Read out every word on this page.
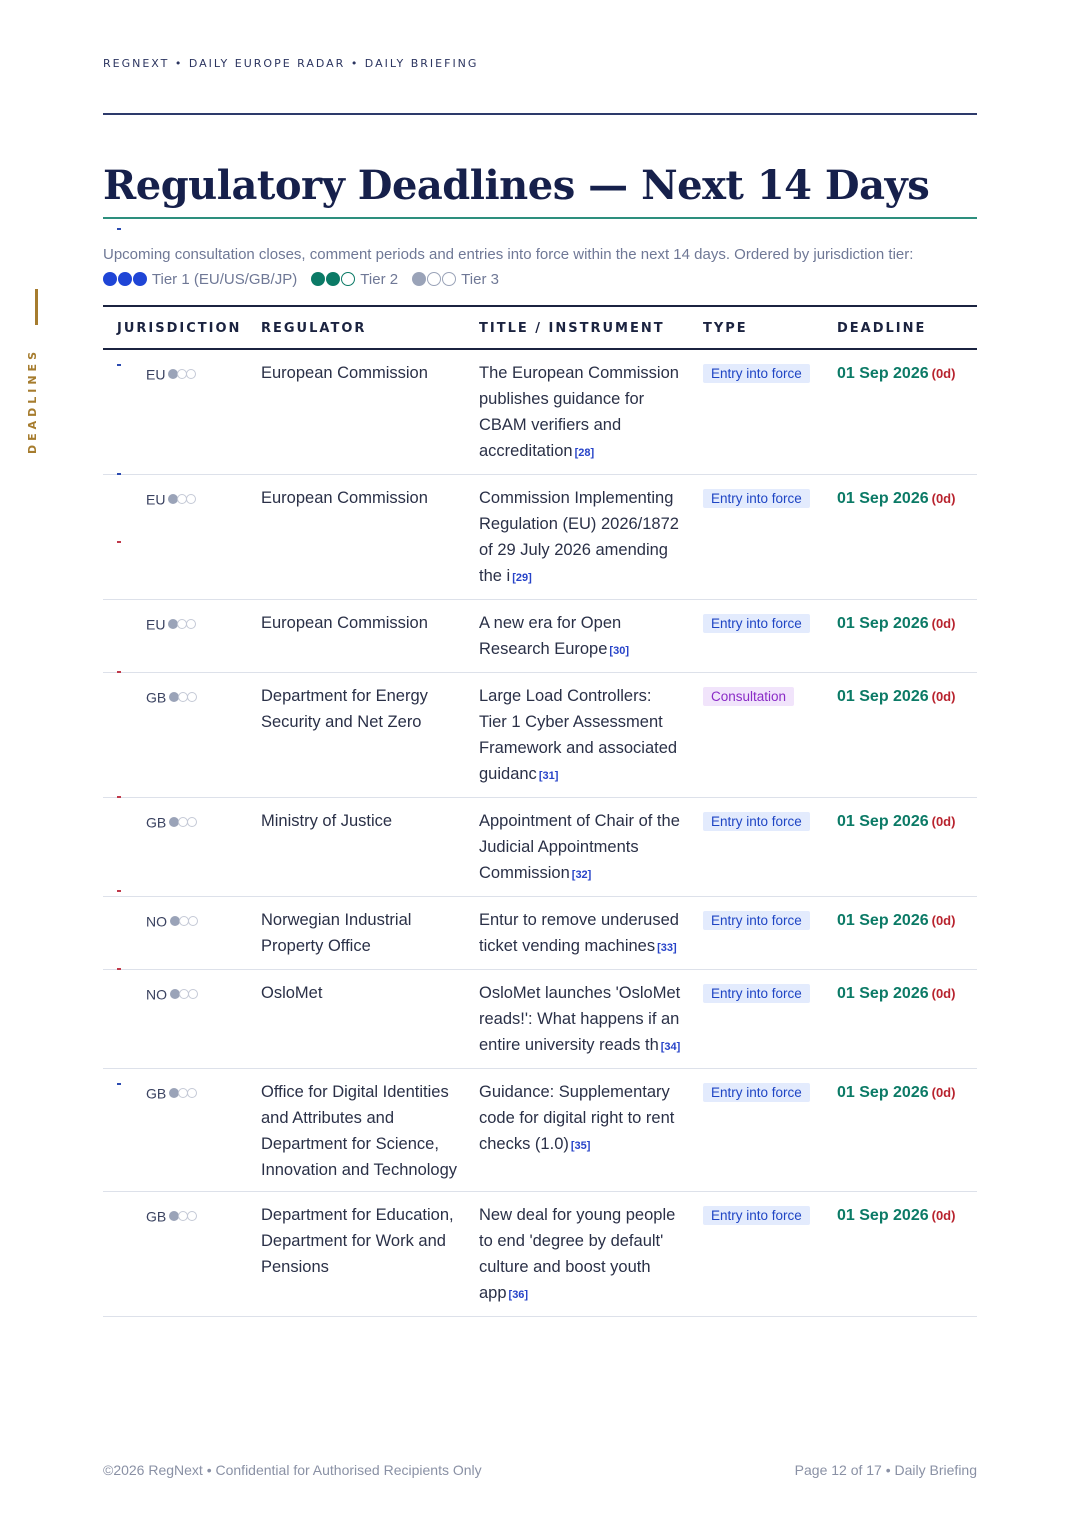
DEADLINES
REGNEXT • DAILY EUROPE RADAR • DAILY BRIEFING
Regulatory Deadlines — Next 14 Days
Upcoming consultation closes, comment periods and entries into force within the next 14 days. Ordered by jurisdiction tier:
Tier 1 (EU/US/GB/JP)	Tier 2	Tier 3
JURISDICTION	REGULATOR	TITLE / INSTRUMENT	TYPE	DEADLINE

EU	European Commission	The European Commission publishes guidance for CBAM verifiers and accreditation [28]	Entry into force	01 Sep 2026 (0d)

EU	European Commission	Commission Implementing Regulation (EU) 2026/1872 of 29 July 2026 amending the i [29]	Entry into force	01 Sep 2026 (0d)
EU	European Commission	A new era for Open Research Europe [30]	Entry into force	01 Sep 2026 (0d)

GB	Department for Energy Security and Net Zero	Large Load Controllers: Tier 1 Cyber Assessment Framework and associated guidanc [31]	Consultation	01 Sep 2026 (0d)

GB	Ministry of Justice	Appointment of Chair of the Judicial Appointments Commission [32]	Entry into force	01 Sep 2026 (0d)
NO	Norwegian Industrial Property Office	Entur to remove underused ticket vending machines [33]	Entry into force	01 Sep 2026 (0d)

NO	OsloMet	OsloMet launches 'OsloMet reads!': What happens if an entire university reads th [34]	Entry into force	01 Sep 2026 (0d)

GB	Office for Digital Identities and Attributes and Department for Science, Innovation and Technology	Guidance: Supplementary code for digital right to rent checks (1.0) [35]	Entry into force	01 Sep 2026 (0d)
GB	Department for Education, Department for Work and Pensions	New deal for young people to end 'degree by default' culture and boost youth app [36]	Entry into force	01 Sep 2026 (0d)
©2026 RegNext • Confidential for Authorised Recipients Only	Page 12 of 17 • Daily Briefing
